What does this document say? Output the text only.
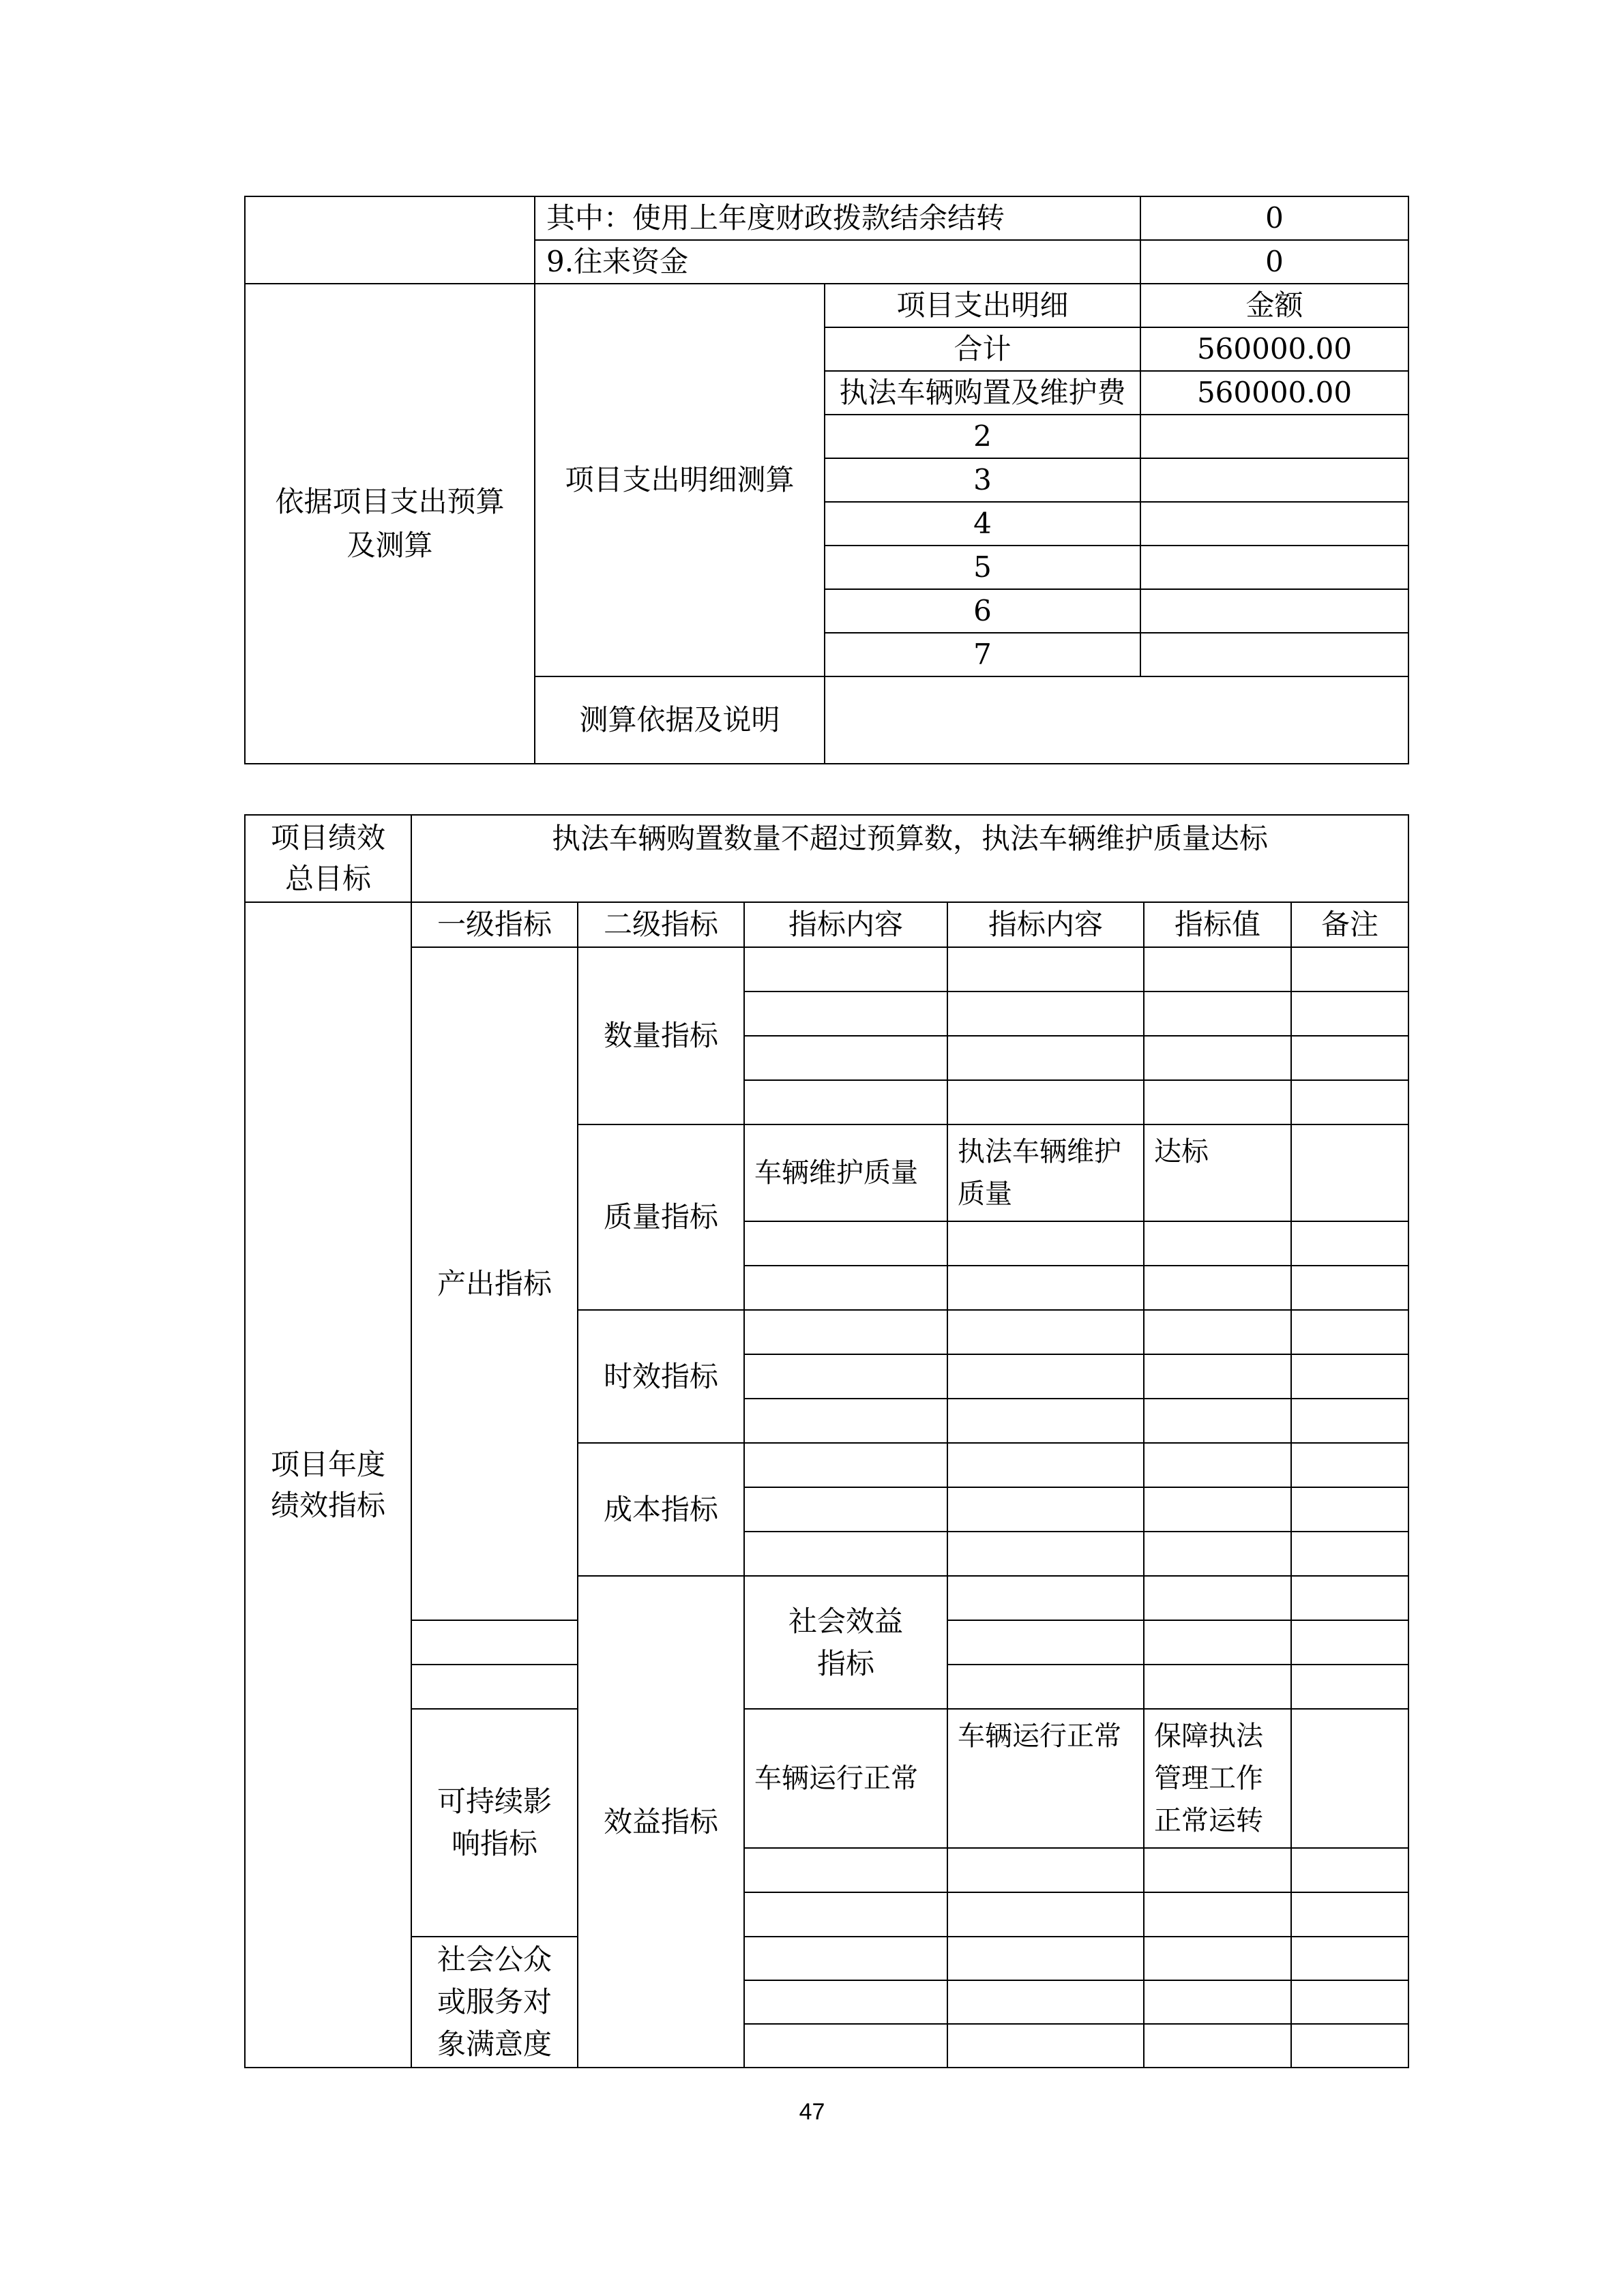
	其中：使用上年度财政拨款结余结转		0
	9.往来资金		0

依据项目支出预算及测算	项目支出明细测算	项目支出明细	金额
		合计	560000.00
		执法车辆购置及维护费	560000.00
		2	
		3	
		4	
		5	
		6	
		7	
	测算依据及说明		
项目绩效总目标	执法车辆购置数量不超过预算数，执法车辆维护质量达标						

项目年度绩效指标	一级指标	二级指标	指标内容	指标内容	指标值	备注	
	产出指标	数量指标					

		质量指标	车辆维护质量	执法车辆维护质量	达标		

		时效指标					

		成本指标					

		效益指标	社会效益指标				

	可持续影响指标		车辆运行正常	车辆运行正常	保障执法管理工作正常运转		

	社会公众或服务对象满意度						

47
